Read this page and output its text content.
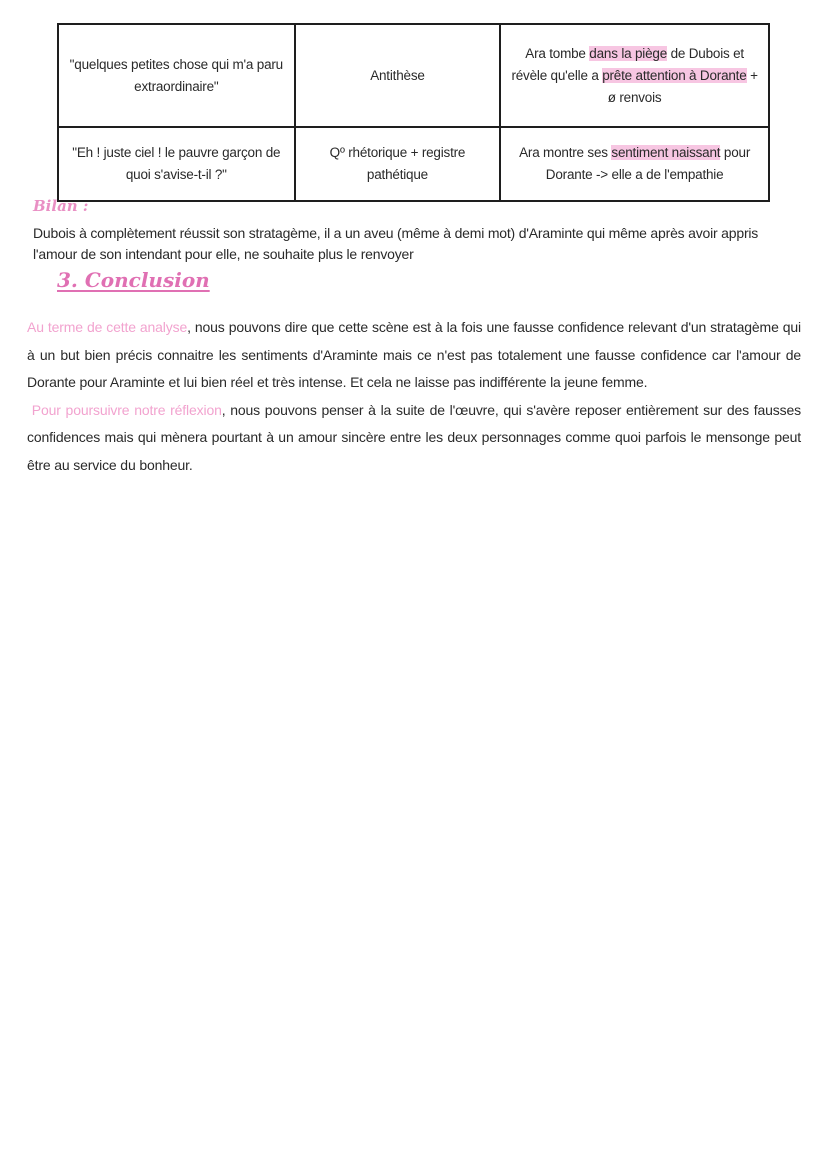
"quelques petites chose qui m'a paru extraordinaire"	Antithèse	Ara tombe dans la piège de Dubois et révèle qu'elle a prête attention à Dorante + ø renvois
"Eh ! juste ciel ! le pauvre garçon de quoi s'avise-t-il ?"	Qº rhétorique + registre pathétique	Ara montre ses sentiment naissant pour Dorante -> elle a de l'empathie
Bilan :
Dubois à complètement réussit son stratagème, il a un aveu (même à demi mot) d'Araminte qui même après avoir appris l'amour de son intendant pour elle, ne souhaite plus le renvoyer
3. Conclusion

Au terme de cette analyse, nous pouvons dire que cette scène est à la fois une fausse confidence relevant d'un stratagème qui à un but bien précis connaitre les sentiments d'Araminte mais ce n'est pas totalement une fausse confidence car l'amour de Dorante pour Araminte et lui bien réel et très intense. Et cela ne laisse pas indifférente la jeune femme.

Pour poursuivre notre réflexion, nous pouvons penser à la suite de l'œuvre, qui s'avère reposer entièrement sur des fausses confidences mais qui mènera pourtant à un amour sincère entre les deux personnages comme quoi parfois le mensonge peut être au service du bonheur.
